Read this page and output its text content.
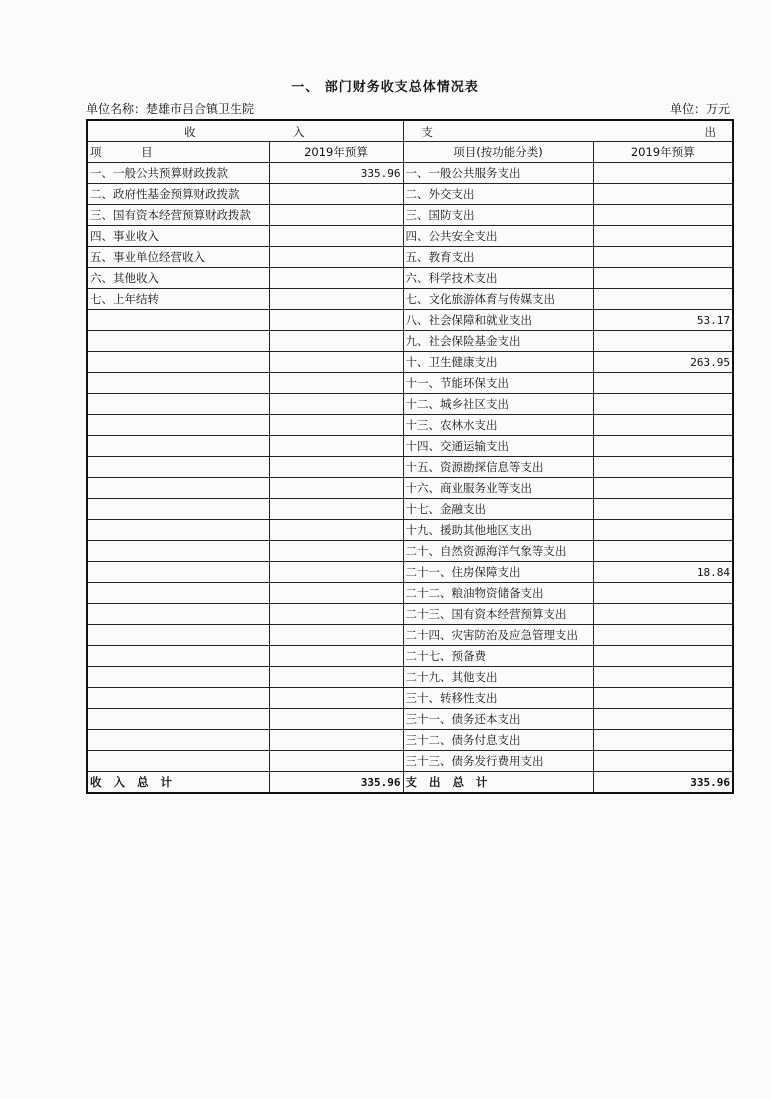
一、 部门财务收支总体情况表
单位名称：楚雄市吕合镇卫生院	单位：万元
收 入		支 出	

项 目	2019年预算	项目(按功能分类)	2019年预算
一、一般公共预算财政拨款	335.96	一、一般公共服务支出	
二、政府性基金预算财政拨款		二、外交支出	
三、国有资本经营预算财政拨款		三、国防支出	
四、事业收入		四、公共安全支出	
五、事业单位经营收入		五、教育支出	
六、其他收入		六、科学技术支出	
七、上年结转		七、文化旅游体育与传媒支出	
		八、社会保障和就业支出	53.17
		九、社会保险基金支出	
		十、卫生健康支出	263.95
		十一、节能环保支出	
		十二、城乡社区支出	
		十三、农林水支出	
		十四、交通运输支出	
		十五、资源勘探信息等支出	
		十六、商业服务业等支出	
		十七、金融支出	
		十九、援助其他地区支出	
		二十、自然资源海洋气象等支出	
		二十一、住房保障支出	18.84
		二十二、粮油物资储备支出	
		二十三、国有资本经营预算支出	
		二十四、灾害防治及应急管理支出	
		二十七、预备费	
		二十九、其他支出	
		三十、转移性支出	
		三十一、债务还本支出	
		三十二、债务付息支出	
		三十三、债务发行费用支出	
收入总计	335.96	支出总计	335.96
